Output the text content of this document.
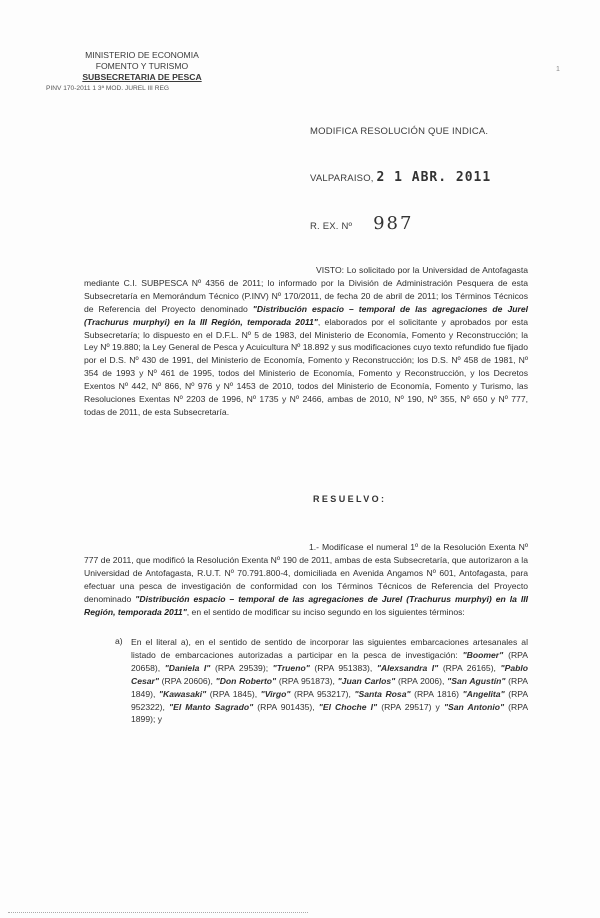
MINISTERIO DE ECONOMIA
FOMENTO Y TURISMO
SUBSECRETARIA DE PESCA
PINV 170-2011 1 3ª MOD. JUREL III REG
1
MODIFICA RESOLUCIÓN QUE INDICA.
VALPARAISO, 2 1 ABR. 2011
R. EX. Nº 987
VISTO: Lo solicitado por la Universidad de Antofagasta mediante C.I. SUBPESCA Nº 4356 de 2011; lo informado por la División de Administración Pesquera de esta Subsecretaría en Memorándum Técnico (P.INV) Nº 170/2011, de fecha 20 de abril de 2011; los Términos Técnicos de Referencia del Proyecto denominado "Distribución espacio – temporal de las agregaciones de Jurel (Trachurus murphyi) en la III Región, temporada 2011", elaborados por el solicitante y aprobados por esta Subsecretaría; lo dispuesto en el D.F.L. Nº 5 de 1983, del Ministerio de Economía, Fomento y Reconstrucción; la Ley Nº 19.880; la Ley General de Pesca y Acuicultura Nº 18.892 y sus modificaciones cuyo texto refundido fue fijado por el D.S. Nº 430 de 1991, del Ministerio de Economía, Fomento y Reconstrucción; los D.S. Nº 458 de 1981, Nº 354 de 1993 y Nº 461 de 1995, todos del Ministerio de Economía, Fomento y Reconstrucción, y los Decretos Exentos Nº 442, Nº 866, Nº 976 y Nº 1453 de 2010, todos del Ministerio de Economía, Fomento y Turismo, las Resoluciones Exentas Nº 2203 de 1996, Nº 1735 y Nº 2466, ambas de 2010, Nº 190, Nº 355, Nº 650 y Nº 777, todas de 2011, de esta Subsecretaría.
RESUELVO:
1.- Modifícase el numeral 1º de la Resolución Exenta Nº 777 de 2011, que modificó la Resolución Exenta Nº 190 de 2011, ambas de esta Subsecretaría, que autorizaron a la Universidad de Antofagasta, R.U.T. Nº 70.791.800-4, domiciliada en Avenida Angamos Nº 601, Antofagasta, para efectuar una pesca de investigación de conformidad con los Términos Técnicos de Referencia del Proyecto denominado "Distribución espacio – temporal de las agregaciones de Jurel (Trachurus murphyi) en la III Región, temporada 2011", en el sentido de modificar su inciso segundo en los siguientes términos:
a) En el literal a), en el sentido de sentido de incorporar las siguientes embarcaciones artesanales al listado de embarcaciones autorizadas a participar en la pesca de investigación: "Boomer" (RPA 20658), "Daniela I" (RPA 29539); "Trueno" (RPA 951383), "Alexsandra I" (RPA 26165), "Pablo Cesar" (RPA 20606), "Don Roberto" (RPA 951873), "Juan Carlos" (RPA 2006), "San Agustín" (RPA 1849), "Kawasaki" (RPA 1845), "Virgo" (RPA 953217), "Santa Rosa" (RPA 1816) "Angelita" (RPA 952322), "El Manto Sagrado" (RPA 901435), "El Choche I" (RPA 29517) y "San Antonio" (RPA 1899); y
